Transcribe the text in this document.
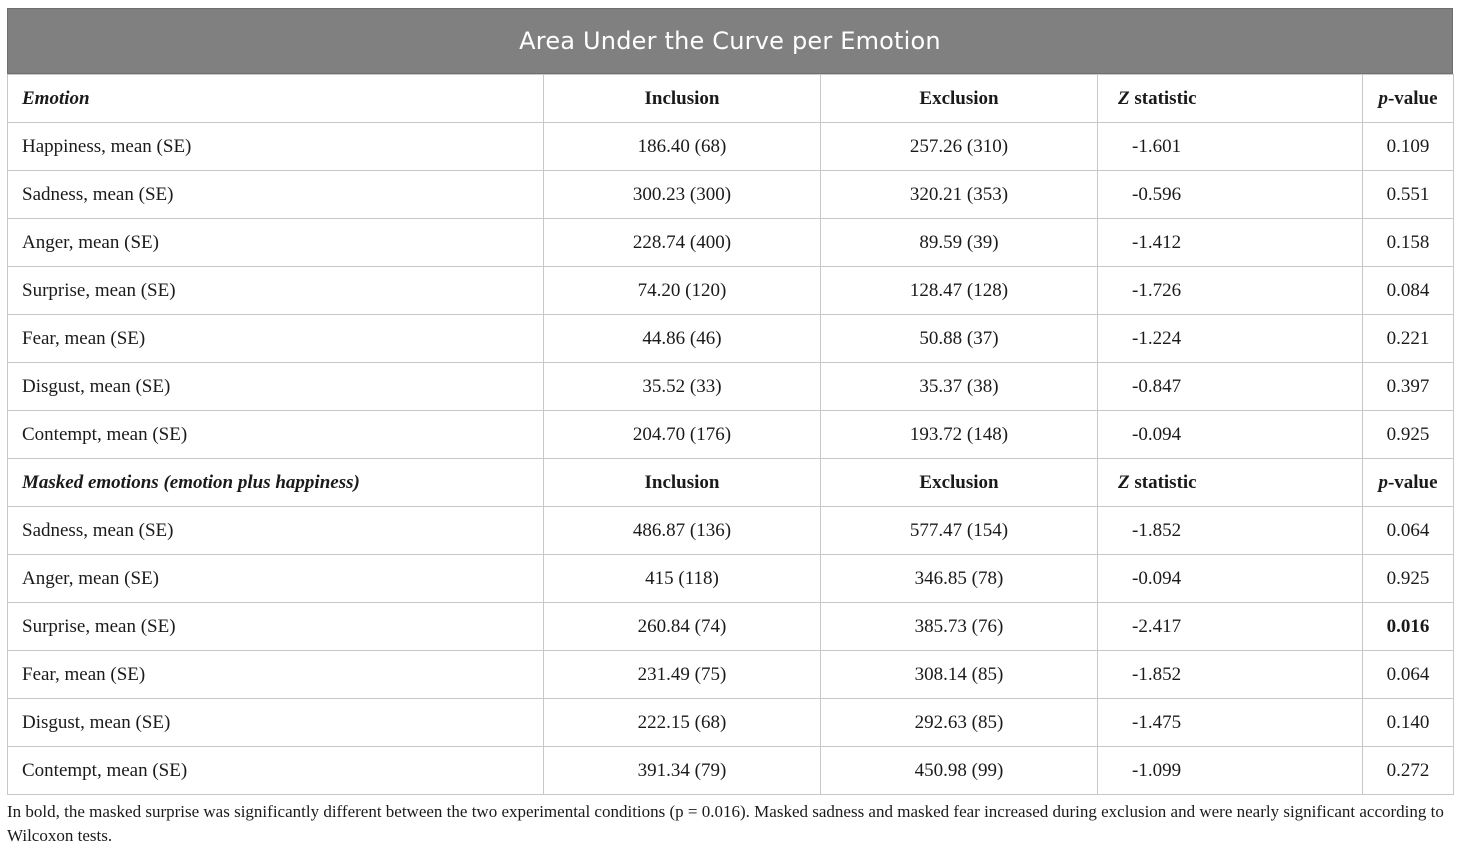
Area Under the Curve per Emotion
Emotion	Inclusion	Exclusion	Z statistic	p-value
Happiness, mean (SE)	186.40 (68)	257.26 (310)	-1.601	0.109
Sadness, mean (SE)	300.23 (300)	320.21 (353)	-0.596	0.551
Anger, mean (SE)	228.74 (400)	89.59 (39)	-1.412	0.158
Surprise, mean (SE)	74.20 (120)	128.47 (128)	-1.726	0.084
Fear, mean (SE)	44.86 (46)	50.88 (37)	-1.224	0.221
Disgust, mean (SE)	35.52 (33)	35.37 (38)	-0.847	0.397
Contempt, mean (SE)	204.70 (176)	193.72 (148)	-0.094	0.925
Masked emotions (emotion plus happiness)	Inclusion	Exclusion	Z statistic	p-value
Sadness, mean (SE)	486.87 (136)	577.47 (154)	-1.852	0.064
Anger, mean (SE)	415 (118)	346.85 (78)	-0.094	0.925
Surprise, mean (SE)	260.84 (74)	385.73 (76)	-2.417	0.016
Fear, mean (SE)	231.49 (75)	308.14 (85)	-1.852	0.064
Disgust, mean (SE)	222.15 (68)	292.63 (85)	-1.475	0.140
Contempt, mean (SE)	391.34 (79)	450.98 (99)	-1.099	0.272
In bold, the masked surprise was significantly different between the two experimental conditions (p = 0.016). Masked sadness and masked fear increased during exclusion and were nearly significant according to Wilcoxon tests.
